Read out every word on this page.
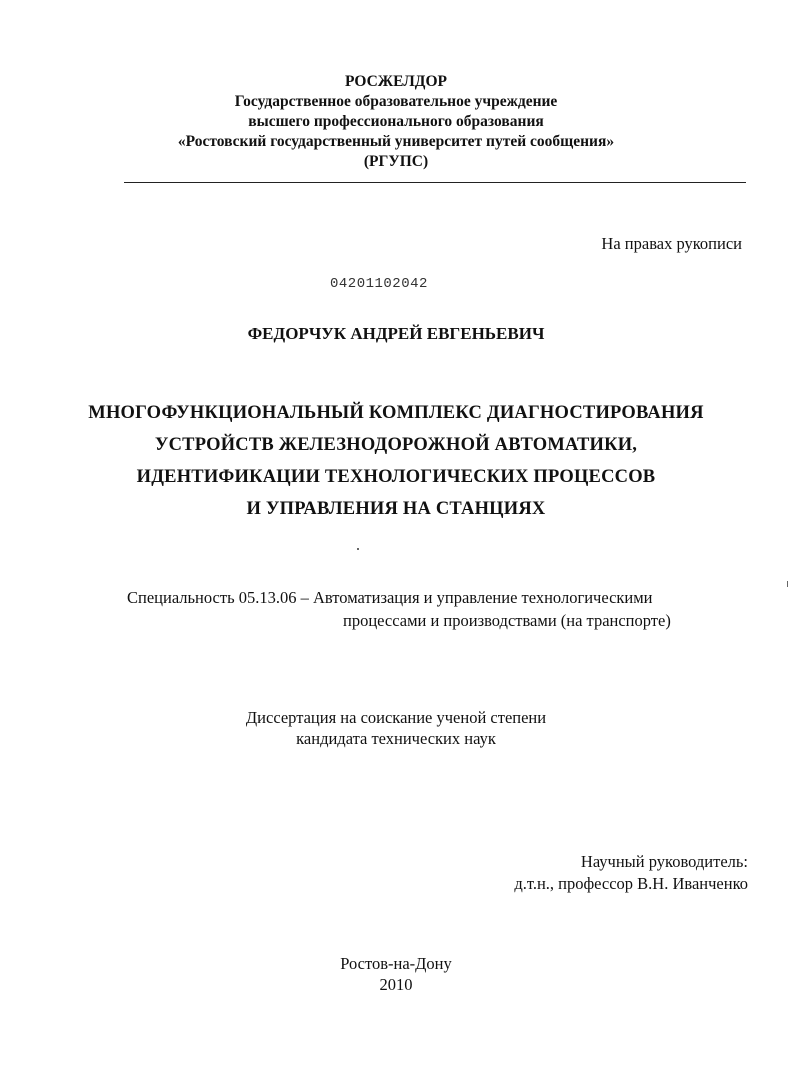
РОСЖЕЛДОР
Государственное образовательное учреждение
высшего профессионального образования
«Ростовский государственный университет путей сообщения»
(РГУПС)
На правах рукописи
04201102042
ФЕДОРЧУК АНДРЕЙ ЕВГЕНЬЕВИЧ
МНОГОФУНКЦИОНАЛЬНЫЙ КОМПЛЕКС ДИАГНОСТИРОВАНИЯ
УСТРОЙСТВ ЖЕЛЕЗНОДОРОЖНОЙ АВТОМАТИКИ,
ИДЕНТИФИКАЦИИ ТЕХНОЛОГИЧЕСКИХ ПРОЦЕССОВ
И УПРАВЛЕНИЯ НА СТАНЦИЯХ
Специальность 05.13.06 – Автоматизация и управление технологическими
процессами и производствами (на транспорте)
Диссертация на соискание ученой степени
кандидата технических наук
Научный руководитель:
д.т.н., профессор В.Н. Иванченко
Ростов-на-Дону
2010
